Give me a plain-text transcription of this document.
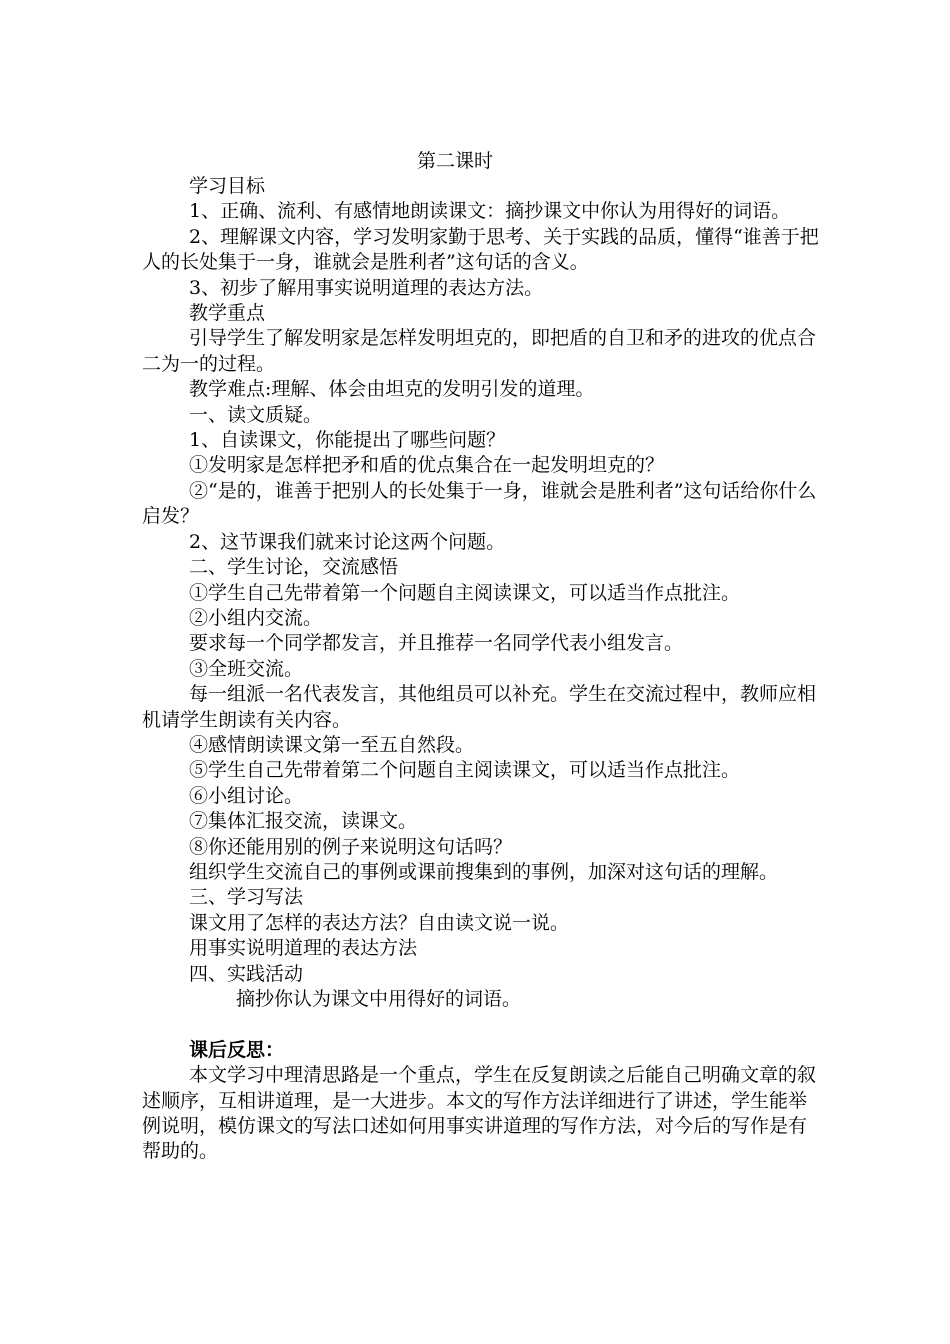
第二课时

学习目标

1、正确、流利、有感情地朗读课文：摘抄课文中你认为用得好的词语。

2、理解课文内容，学习发明家勤于思考、关于实践的品质，懂得“谁善于把人的长处集于一身，谁就会是胜利者”这句话的含义。

3、初步了解用事实说明道理的表达方法。

教学重点

引导学生了解发明家是怎样发明坦克的，即把盾的自卫和矛的进攻的优点合二为一的过程。

教学难点:理解、体会由坦克的发明引发的道理。

一、读文质疑。

1、自读课文，你能提出了哪些问题？

①发明家是怎样把矛和盾的优点集合在一起发明坦克的？

②“是的，谁善于把别人的长处集于一身，谁就会是胜利者”这句话给你什么启发？

2、这节课我们就来讨论这两个问题。

二、学生讨论，交流感悟

①学生自己先带着第一个问题自主阅读课文，可以适当作点批注。

②小组内交流。

要求每一个同学都发言，并且推荐一名同学代表小组发言。

③全班交流。

每一组派一名代表发言，其他组员可以补充。学生在交流过程中，教师应相机请学生朗读有关内容。

④感情朗读课文第一至五自然段。

⑤学生自己先带着第二个问题自主阅读课文，可以适当作点批注。

⑥小组讨论。

⑦集体汇报交流，读课文。

⑧你还能用别的例子来说明这句话吗？

组织学生交流自己的事例或课前搜集到的事例，加深对这句话的理解。

三、学习写法

课文用了怎样的表达方法？自由读文说一说。

用事实说明道理的表达方法

四、实践活动

摘抄你认为课文中用得好的词语。

课后反思：

本文学习中理清思路是一个重点，学生在反复朗读之后能自己明确文章的叙述顺序，互相讲道理，是一大进步。本文的写作方法详细进行了讲述，学生能举例说明，模仿课文的写法口述如何用事实讲道理的写作方法，对今后的写作是有帮助的。
